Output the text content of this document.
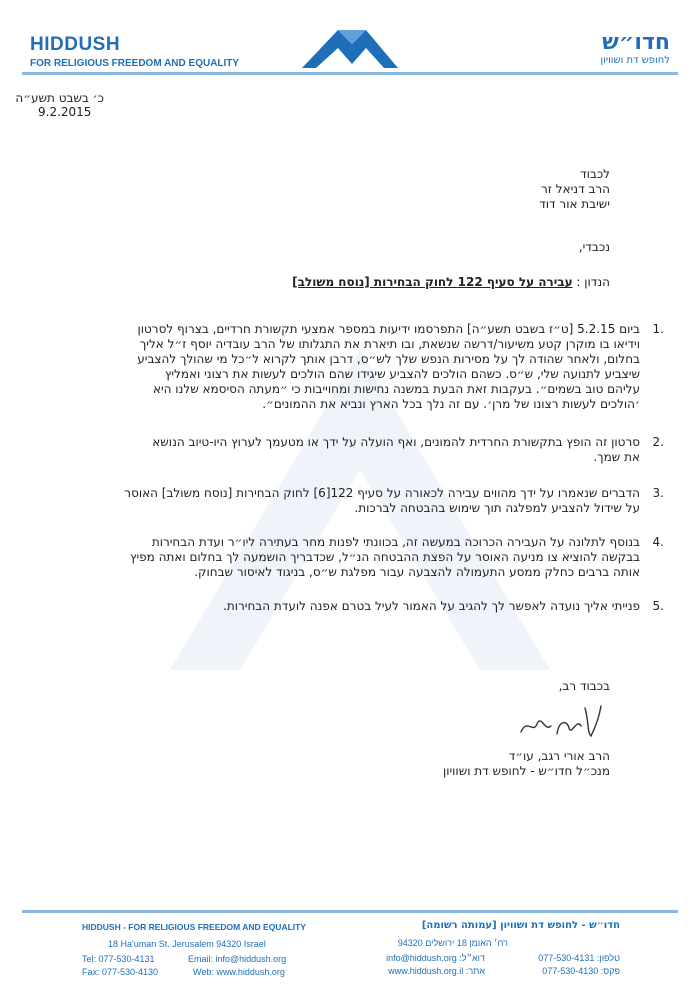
HIDDUSH
FOR RELIGIOUS FREEDOM AND EQUALITY
חדו״ש
לחופש דת ושוויון
כ׳ בשבט תשע״ה
9.2.2015
לכבוד
הרב דניאל זר
ישיבת אור דוד
נכבדי,
הנדון : עבירה על סעיף 122 לחוק הבחירות [נוסח משולב]
.1
ביום 5.2.15 [ט״ז בשבט תשע״ה] התפרסמו ידיעות במספר אמצעי תקשורת חרדיים, בצרוף לסרטון
וידיאו בו מוקרן קטע משיעור/דרשה שנשאת, ובו תיארת את התגלותו של הרב עובדיה יוסף ז״ל אליך
בחלום, ולאחר שהודה לך על מסירות הנפש שלך לש״ס, דרבן אותך לקרוא ל״כל מי שהולך להצביע
שיצביע לתנועה שלי, ש״ס. כשהם הולכים להצביע שיגידו שהם הולכים לעשות את רצוני ואמליץ
עליהם טוב בשמים״. בעקבות זאת הבעת במשנה נחישות ומחוייבות כי ״מעתה הסיסמא שלנו היא
׳הולכים לעשות רצונו של מרן׳. עם זה נלך בכל הארץ ונביא את ההמונים״.
.2
סרטון זה הופץ בתקשורת החרדית להמונים, ואף הועלה על ידך או מטעמך לערוץ היו-טיוב הנושא
את שמך.
.3
הדברים שנאמרו על ידך מהווים עבירה לכאורה על סעיף 122[6] לחוק הבחירות [נוסח משולב] האוסר
על שידול להצביע למפלגה תוך שימוש בהבטחה לברכות.
.4
בנוסף לתלונה על העבירה הכרוכה במעשה זה, בכוונתי לפנות מחר בעתירה ליו״ר ועדת הבחירות
בבקשה להוציא צו מניעה האוסר על הפצת ההבטחה הנ״ל, שכדבריך הושמעה לך בחלום ואתה מפיץ
אותה ברבים כחלק ממסע התעמולה להצבעה עבור מפלגת ש״ס, בניגוד לאיסור שבחוק.
.5
פנייתי אליך נועדה לאפשר לך להגיב על האמור לעיל בטרם אפנה לועדת הבחירות.
בכבוד רב,
הרב אורי רגב, עו״ד
מנכ״ל חדו״ש - לחופש דת ושוויון
HIDDUSH - FOR RELIGIOUS FREEDOM AND EQUALITY
18 Ha'uman St. Jerusalem 94320 Israel
Tel: 077-530-4131
Fax: 077-530-4130
Email: info@hiddush.org
Web: www.hiddush.org
חדו״ש - לחופש דת ושוויון [עמותה רשומה]
רח׳ האומן 18 ירושלים 94320
טלפון: 077-530-4131
פקס: 077-530-4130
דוא״ל: info@hiddush.org
אתר: www.hiddush.org.il
